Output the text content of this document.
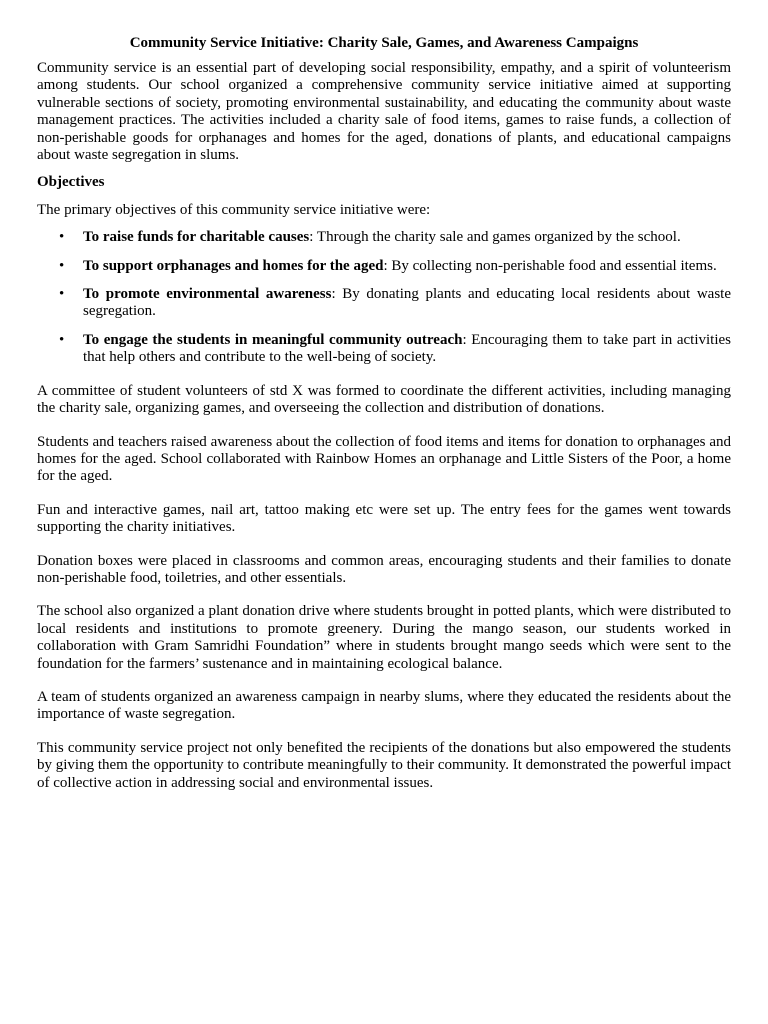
Community Service Initiative: Charity Sale, Games, and Awareness Campaigns

Community service is an essential part of developing social responsibility, empathy, and a spirit of volunteerism among students. Our school organized a comprehensive community service initiative aimed at supporting vulnerable sections of society, promoting environmental sustainability, and educating the community about waste management practices. The activities included a charity sale of food items, games to raise funds, a collection of non-perishable goods for orphanages and homes for the aged, donations of plants, and educational campaigns about waste segregation in slums.

Objectives

The primary objectives of this community service initiative were:

• To raise funds for charitable causes: Through the charity sale and games organized by the school.
• To support orphanages and homes for the aged: By collecting non-perishable food and essential items.
• To promote environmental awareness: By donating plants and educating local residents about waste segregation.
• To engage the students in meaningful community outreach: Encouraging them to take part in activities that help others and contribute to the well-being of society.

A committee of student volunteers of std X was formed to coordinate the different activities, including managing the charity sale, organizing games, and overseeing the collection and distribution of donations.

Students and teachers raised awareness about the collection of food items and items for donation to orphanages and homes for the aged. School collaborated with Rainbow Homes an orphanage and Little Sisters of the Poor, a home for the aged.

Fun and interactive games, nail art, tattoo making etc were set up. The entry fees for the games went towards supporting the charity initiatives.

Donation boxes were placed in classrooms and common areas, encouraging students and their families to donate non-perishable food, toiletries, and other essentials.

The school also organized a plant donation drive where students brought in potted plants, which were distributed to local residents and institutions to promote greenery. During the mango season, our students worked in collaboration with Gram Samridhi Foundation” where in students brought mango seeds which were sent to the foundation for the farmers’ sustenance and in maintaining ecological balance.

A team of students organized an awareness campaign in nearby slums, where they educated the residents about the importance of waste segregation.

This community service project not only benefited the recipients of the donations but also empowered the students by giving them the opportunity to contribute meaningfully to their community. It demonstrated the powerful impact of collective action in addressing social and environmental issues.
